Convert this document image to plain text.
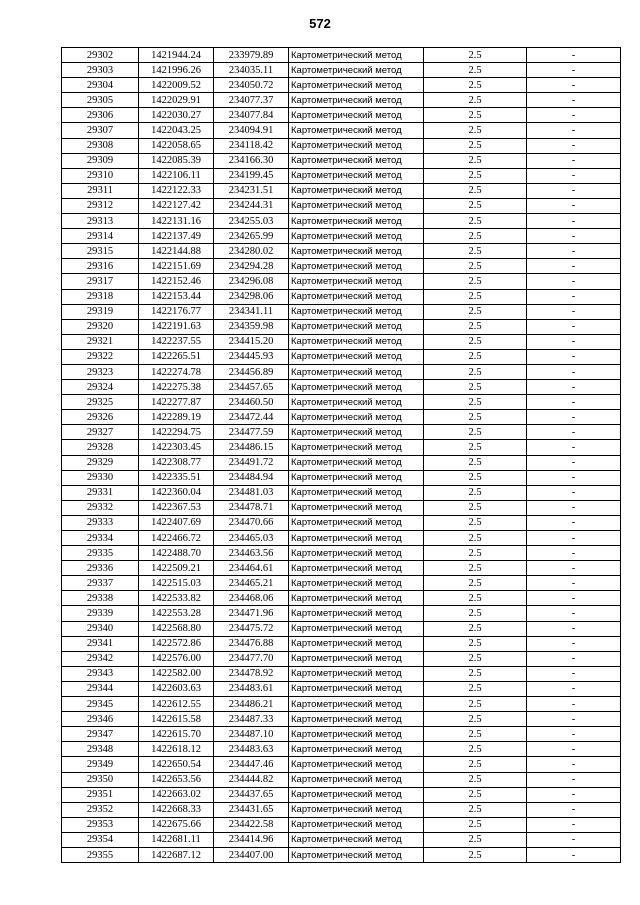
572
29302	1421944.24	233979.89	Картометрический метод	2.5	-
29303	1421996.26	234035.11	Картометрический метод	2.5	-
29304	1422009.52	234050.72	Картометрический метод	2.5	-
29305	1422029.91	234077.37	Картометрический метод	2.5	-
29306	1422030.27	234077.84	Картометрический метод	2.5	-
29307	1422043.25	234094.91	Картометрический метод	2.5	-
29308	1422058.65	234118.42	Картометрический метод	2.5	-
29309	1422085.39	234166.30	Картометрический метод	2.5	-
29310	1422106.11	234199.45	Картометрический метод	2.5	-
29311	1422122.33	234231.51	Картометрический метод	2.5	-
29312	1422127.42	234244.31	Картометрический метод	2.5	-
29313	1422131.16	234255.03	Картометрический метод	2.5	-
29314	1422137.49	234265.99	Картометрический метод	2.5	-
29315	1422144.88	234280.02	Картометрический метод	2.5	-
29316	1422151.69	234294.28	Картометрический метод	2.5	-
29317	1422152.46	234296.08	Картометрический метод	2.5	-
29318	1422153.44	234298.06	Картометрический метод	2.5	-
29319	1422176.77	234341.11	Картометрический метод	2.5	-
29320	1422191.63	234359.98	Картометрический метод	2.5	-
29321	1422237.55	234415.20	Картометрический метод	2.5	-
29322	1422265.51	234445.93	Картометрический метод	2.5	-
29323	1422274.78	234456.89	Картометрический метод	2.5	-
29324	1422275.38	234457.65	Картометрический метод	2.5	-
29325	1422277.87	234460.50	Картометрический метод	2.5	-
29326	1422289.19	234472.44	Картометрический метод	2.5	-
29327	1422294.75	234477.59	Картометрический метод	2.5	-
29328	1422303.45	234486.15	Картометрический метод	2.5	-
29329	1422308.77	234491.72	Картометрический метод	2.5	-
29330	1422335.51	234484.94	Картометрический метод	2.5	-
29331	1422360.04	234481.03	Картометрический метод	2.5	-
29332	1422367.53	234478.71	Картометрический метод	2.5	-
29333	1422407.69	234470.66	Картометрический метод	2.5	-
29334	1422466.72	234465.03	Картометрический метод	2.5	-
29335	1422488.70	234463.56	Картометрический метод	2.5	-
29336	1422509.21	234464.61	Картометрический метод	2.5	-
29337	1422515.03	234465.21	Картометрический метод	2.5	-
29338	1422533.82	234468.06	Картометрический метод	2.5	-
29339	1422553.28	234471.96	Картометрический метод	2.5	-
29340	1422568.80	234475.72	Картометрический метод	2.5	-
29341	1422572.86	234476.88	Картометрический метод	2.5	-
29342	1422576.00	234477.70	Картометрический метод	2.5	-
29343	1422582.00	234478.92	Картометрический метод	2.5	-
29344	1422603.63	234483.61	Картометрический метод	2.5	-
29345	1422612.55	234486.21	Картометрический метод	2.5	-
29346	1422615.58	234487.33	Картометрический метод	2.5	-
29347	1422615.70	234487.10	Картометрический метод	2.5	-
29348	1422618.12	234483.63	Картометрический метод	2.5	-
29349	1422650.54	234447.46	Картометрический метод	2.5	-
29350	1422653.56	234444.82	Картометрический метод	2.5	-
29351	1422663.02	234437.65	Картометрический метод	2.5	-
29352	1422668.33	234431.65	Картометрический метод	2.5	-
29353	1422675.66	234422.58	Картометрический метод	2.5	-
29354	1422681.11	234414.96	Картометрический метод	2.5	-
29355	1422687.12	234407.00	Картометрический метод	2.5	-
